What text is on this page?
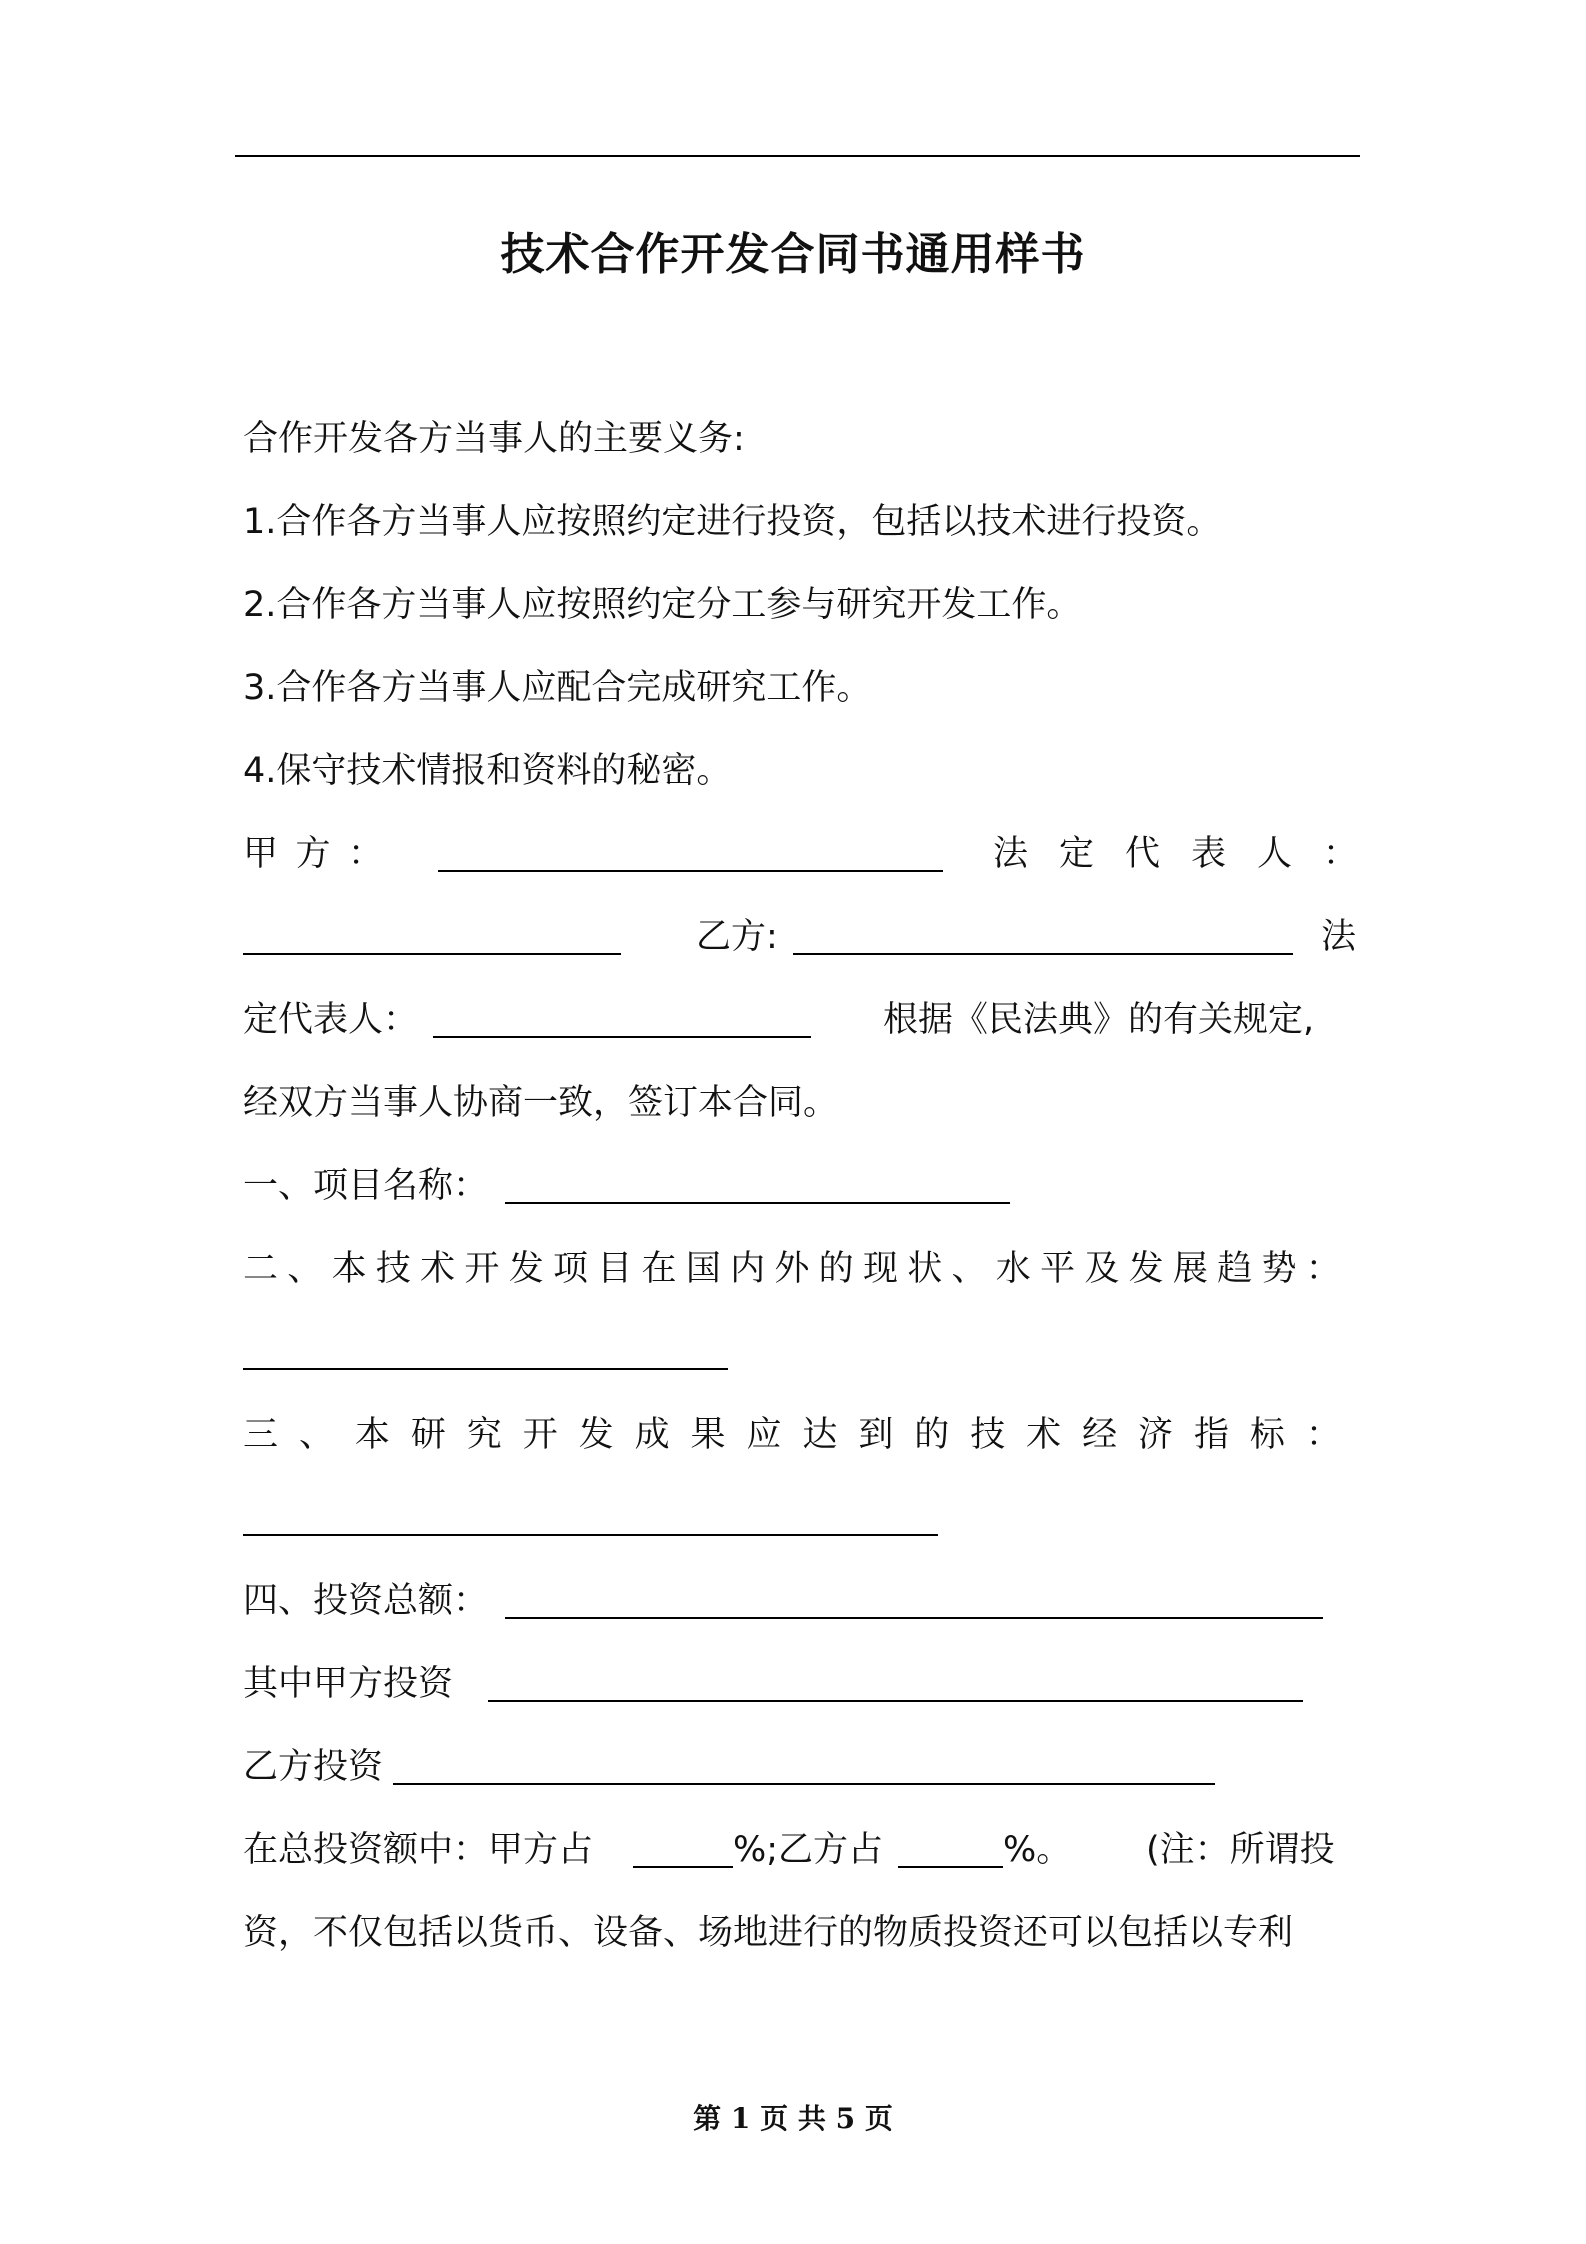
技术合作开发合同书通用样书
合作开发各方当事人的主要义务:
1.合作各方当事人应按照约定进行投资，包括以技术进行投资。
2.合作各方当事人应按照约定分工参与研究开发工作。
3.合作各方当事人应配合完成研究工作。
4.保守技术情报和资料的秘密。
甲 方 ：	法 定 代 表 人 ：
乙方:	法
定代表人：	根据《民法典》的有关规定,
经双方当事人协商一致，签订本合同。
一、项目名称：
二 、 本 技 术 开 发 项 目 在 国 内 外 的 现 状 、 水 平 及 发 展 趋 势 ：
三 、 本 研 究 开 发 成 果 应 达 到 的 技 术 经 济 指 标 ：
四、投资总额：
其中甲方投资
乙方投资
在总投资额中：甲方占	%;乙方占	%。 (注：所谓投
资，不仅包括以货币、设备、场地进行的物质投资还可以包括以专利
第 1 页 共 5 页
